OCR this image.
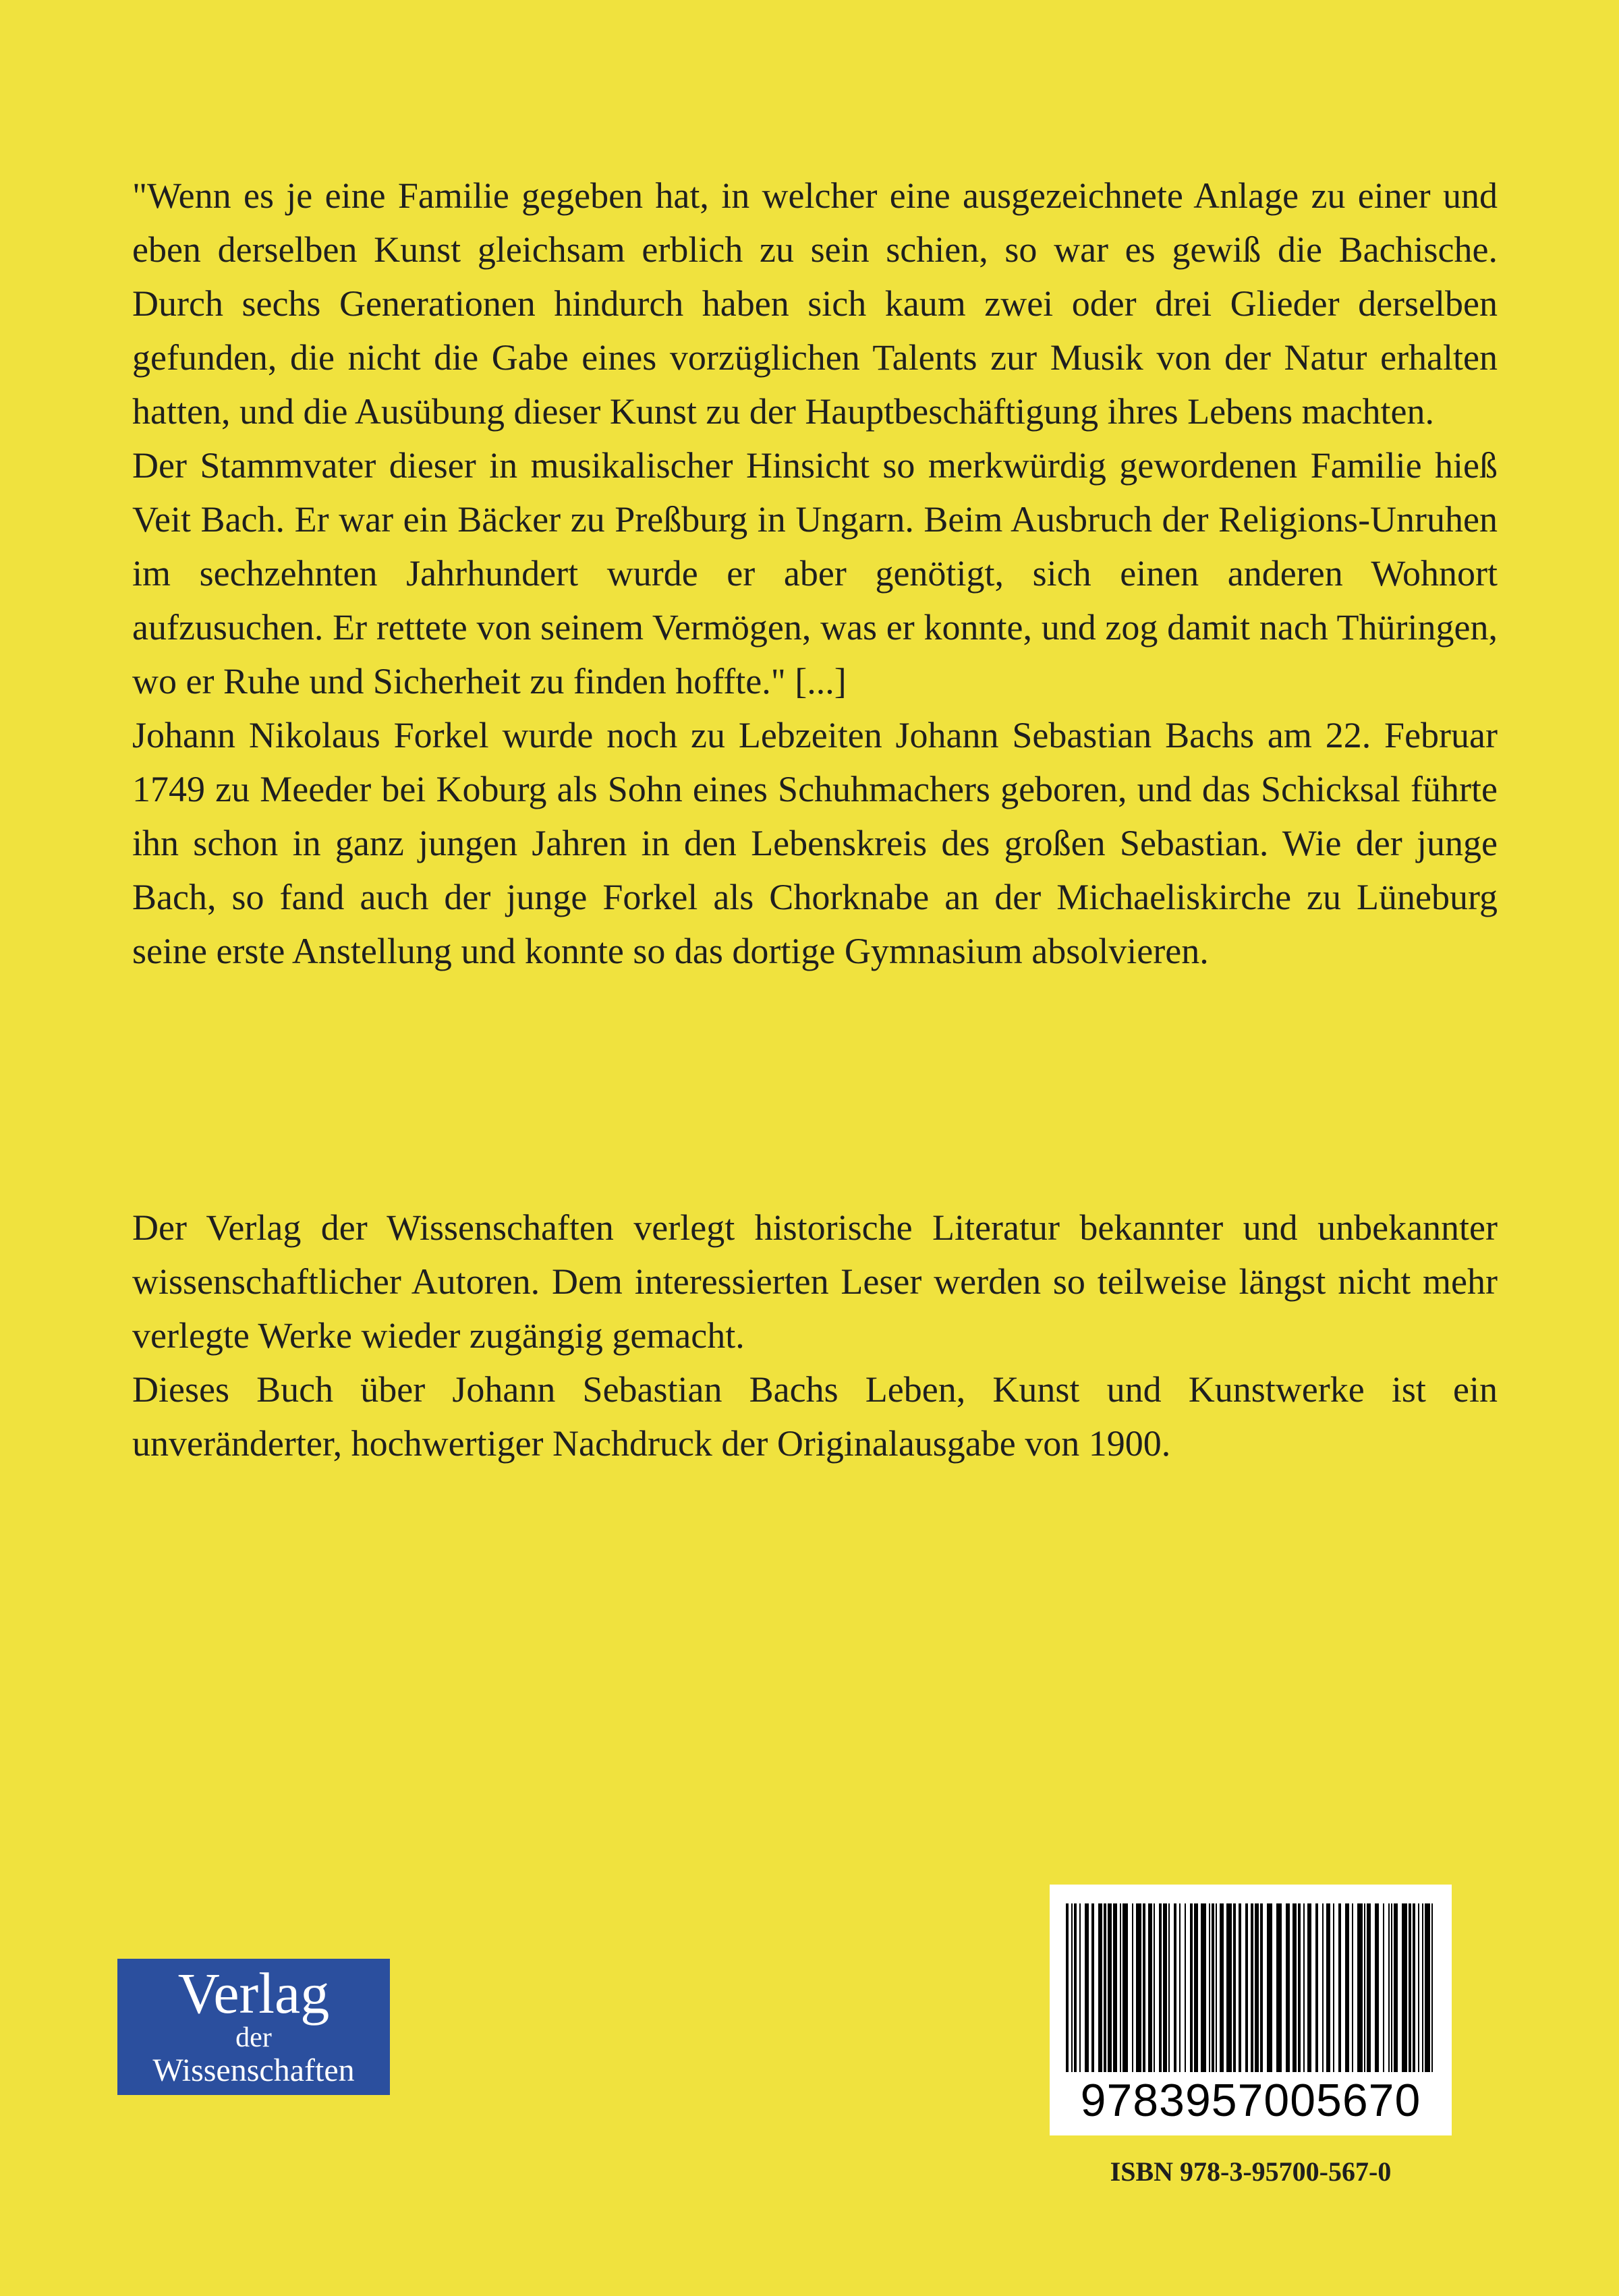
"Wenn es je eine Familie gegeben hat, in welcher eine ausgezeichnete Anlage zu einer und eben derselben Kunst gleichsam erblich zu sein schien, so war es gewiß die Bachische. Durch sechs Generationen hindurch haben sich kaum zwei oder drei Glieder derselben gefunden, die nicht die Gabe eines vorzüglichen Talents zur Musik von der Natur erhalten hatten, und die Ausübung dieser Kunst zu der Hauptbeschäftigung ihres Lebens machten.

Der Stammvater dieser in musikalischer Hinsicht so merkwürdig gewordenen Familie hieß Veit Bach. Er war ein Bäcker zu Preßburg in Ungarn. Beim Ausbruch der Religions-Unruhen im sechzehnten Jahrhundert wurde er aber genötigt, sich einen anderen Wohnort aufzusuchen. Er rettete von seinem Vermögen, was er konnte, und zog damit nach Thüringen, wo er Ruhe und Sicherheit zu finden hoffte." [...]

Johann Nikolaus Forkel wurde noch zu Lebzeiten Johann Sebastian Bachs am 22. Februar 1749 zu Meeder bei Koburg als Sohn eines Schuhmachers geboren, und das Schicksal führte ihn schon in ganz jungen Jahren in den Lebenskreis des großen Sebastian. Wie der junge Bach, so fand auch der junge Forkel als Chorknabe an der Michaeliskirche zu Lüneburg seine erste Anstellung und konnte so das dortige Gymnasium absolvieren.

Der Verlag der Wissenschaften verlegt historische Literatur bekannter und unbekannter wissenschaftlicher Autoren. Dem interessierten Leser werden so teilweise längst nicht mehr verlegte Werke wieder zugängig gemacht.

Dieses Buch über Johann Sebastian Bachs Leben, Kunst und Kunstwerke ist ein unveränderter, hochwertiger Nachdruck der Originalausgabe von 1900.

Verlag
der
Wissenschaften
9783957005670
ISBN 978-3-95700-567-0
